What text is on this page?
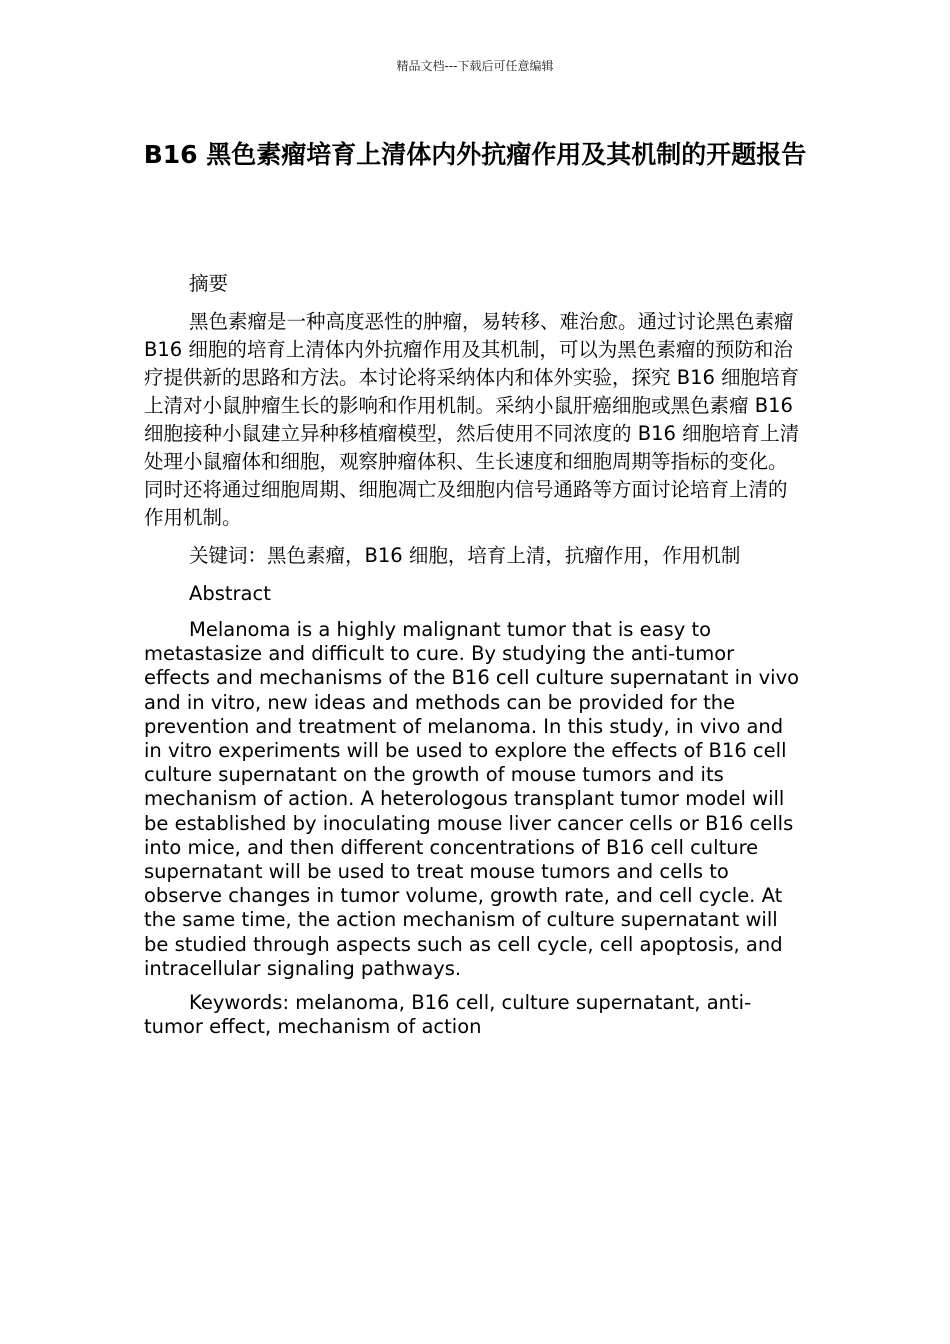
精品文档---下载后可任意编辑
B16 黑色素瘤培育上清体内外抗瘤作用及其机制的开题报告

摘要

黑色素瘤是一种高度恶性的肿瘤，易转移、难治愈。通过讨论黑色素瘤 B16 细胞的培育上清体内外抗瘤作用及其机制，可以为黑色素瘤的预防和治疗提供新的思路和方法。本讨论将采纳体内和体外实验，探究 B16 细胞培育上清对小鼠肿瘤生长的影响和作用机制。采纳小鼠肝癌细胞或黑色素瘤 B16 细胞接种小鼠建立异种移植瘤模型，然后使用不同浓度的 B16 细胞培育上清处理小鼠瘤体和细胞，观察肿瘤体积、生长速度和细胞周期等指标的变化。同时还将通过细胞周期、细胞凋亡及细胞内信号通路等方面讨论培育上清的作用机制。

关键词：黑色素瘤，B16 细胞，培育上清，抗瘤作用，作用机制

Abstract

Melanoma is a highly malignant tumor that is easy to metastasize and difficult to cure. By studying the anti-tumor effects and mechanisms of the B16 cell culture supernatant in vivo and in vitro, new ideas and methods can be provided for the prevention and treatment of melanoma. In this study, in vivo and in vitro experiments will be used to explore the effects of B16 cell culture supernatant on the growth of mouse tumors and its mechanism of action. A heterologous transplant tumor model will be established by inoculating mouse liver cancer cells or B16 cells into mice, and then different concentrations of B16 cell culture supernatant will be used to treat mouse tumors and cells to observe changes in tumor volume, growth rate, and cell cycle. At the same time, the action mechanism of culture supernatant will be studied through aspects such as cell cycle, cell apoptosis, and intracellular signaling pathways.

Keywords: melanoma, B16 cell, culture supernatant, anti-tumor effect, mechanism of action
